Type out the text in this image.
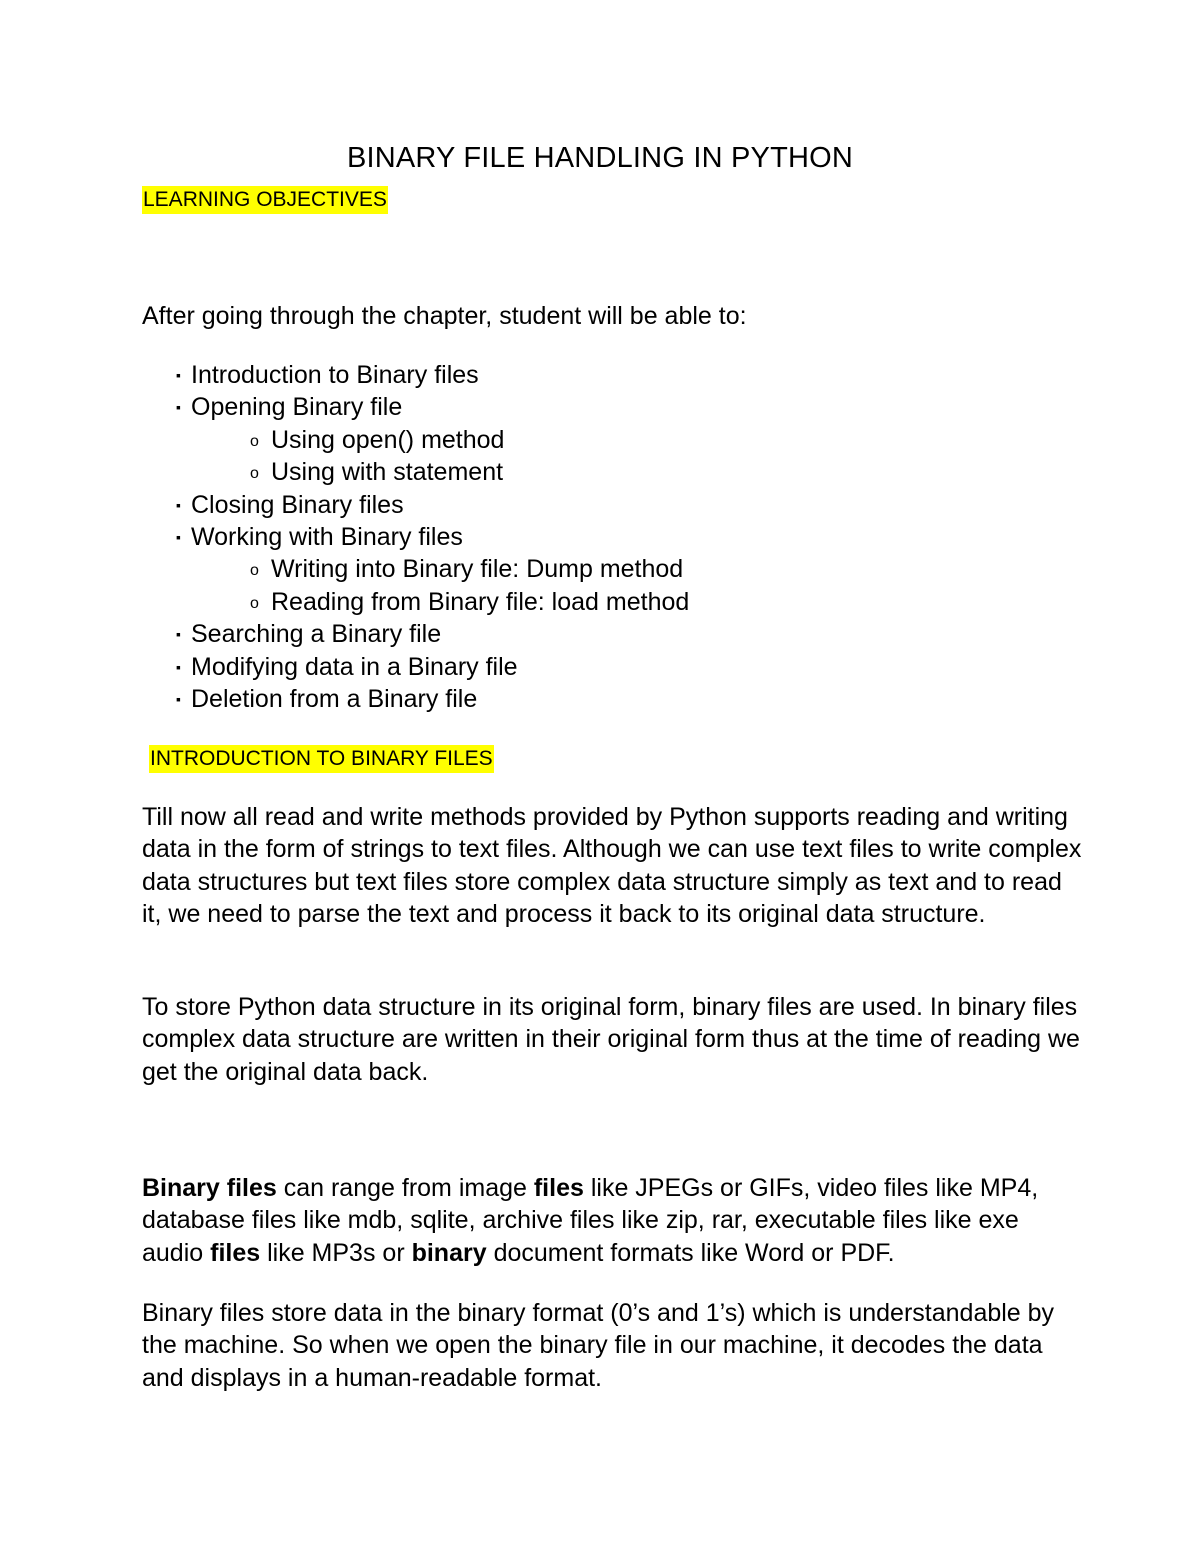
BINARY FILE HANDLING IN PYTHON
LEARNING OBJECTIVES
After going through the chapter, student will be able to:
▪ Introduction to Binary files
▪ Opening Binary file
o Using open() method
o Using with statement
▪ Closing Binary files
▪ Working with Binary files
o Writing into Binary file: Dump method
o Reading from Binary file: load method
▪ Searching a Binary file
▪ Modifying data in a Binary file
▪ Deletion from a Binary file
INTRODUCTION TO BINARY FILES

Till now all read and write methods provided by Python supports reading and writing data in the form of strings to text files. Although we can use text files to write complex data structures but text files store complex data structure simply as text and to read it, we need to parse the text and process it back to its original data structure.

To store Python data structure in its original form, binary files are used. In binary files complex data structure are written in their original form thus at the time of reading we get the original data back.

Binary files can range from image files like JPEGs or GIFs, video files like MP4, database files like mdb, sqlite, archive files like zip, rar, executable files like exe audio files like MP3s or binary document formats like Word or PDF.

Binary files store data in the binary format (0’s and 1’s) which is understandable by the machine. So when we open the binary file in our machine, it decodes the data and displays in a human-readable format.
